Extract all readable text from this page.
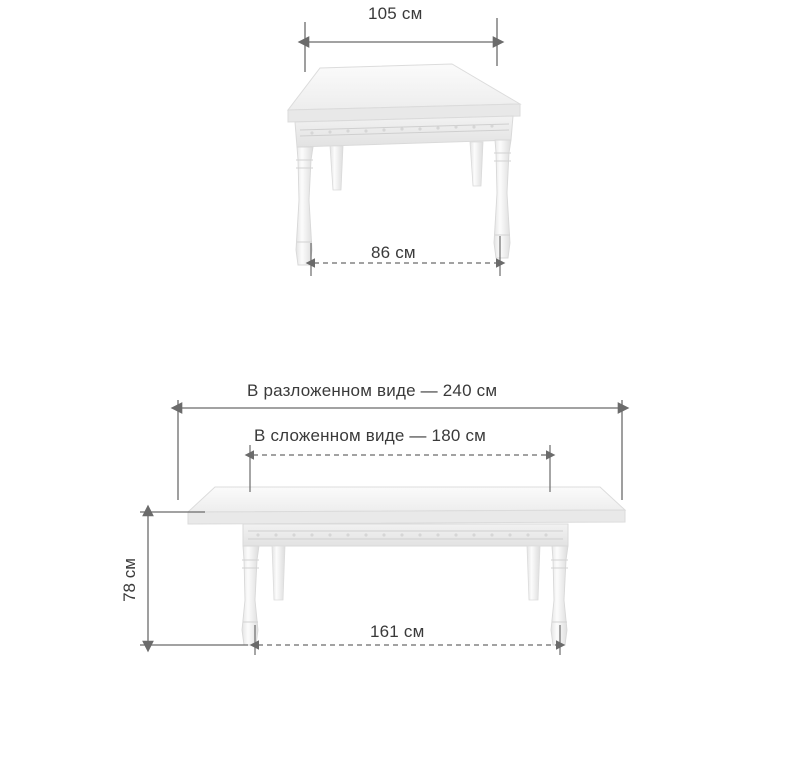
105 см
86 см
В разложенном виде — 240 см
В сложенном виде — 180 см
78 см
161 см
